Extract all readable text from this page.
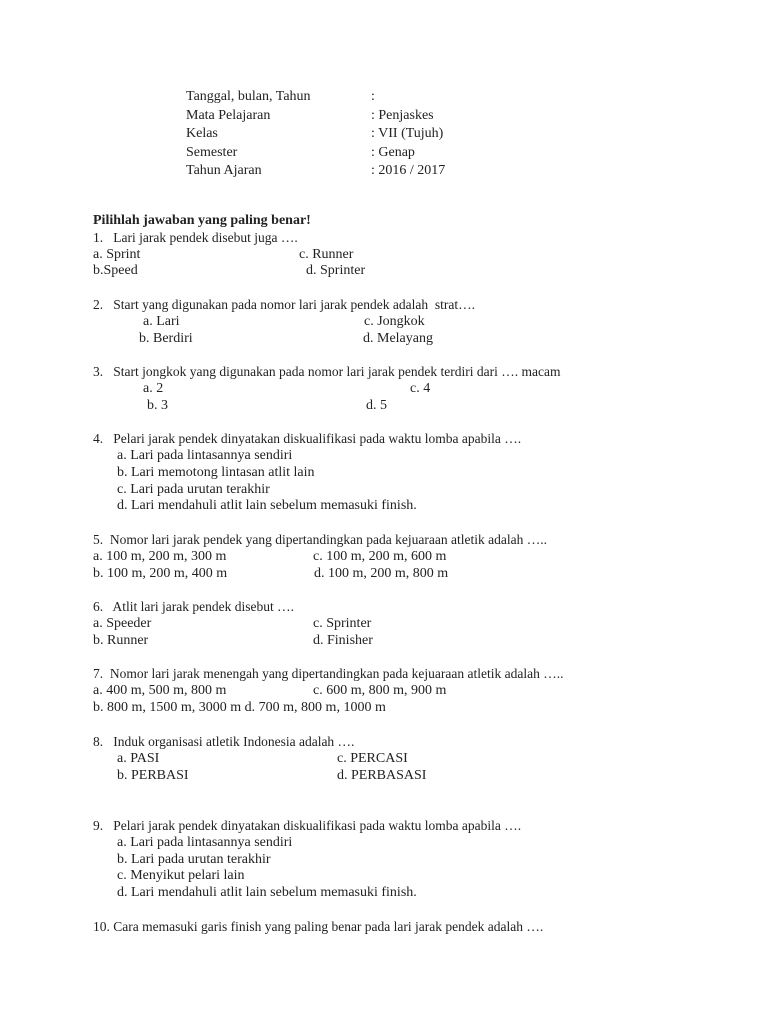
Tanggal, bulan, Tahun	:
Mata Pelajaran	: Penjaskes
Kelas	: VII (Tujuh)
Semester	: Genap
Tahun Ajaran	: 2016 / 2017
Pilihlah jawaban yang paling benar!
1.   Lari jarak pendek disebut juga ….
a. Sprint	c. Runner
b.Speed	d. Sprinter
2.   Start yang digunakan pada nomor lari jarak pendek adalah  strat….
a. Lari	c. Jongkok
b. Berdiri	d. Melayang
3.   Start jongkok yang digunakan pada nomor lari jarak pendek terdiri dari …. macam
a. 2	c. 4
b. 3	d. 5
4.   Pelari jarak pendek dinyatakan diskualifikasi pada waktu lomba apabila ….
a. Lari pada lintasannya sendiri
b. Lari memotong lintasan atlit lain
c. Lari pada urutan terakhir
d. Lari mendahuli atlit lain sebelum memasuki finish.
5.  Nomor lari jarak pendek yang dipertandingkan pada kejuaraan atletik adalah …..
a. 100 m, 200 m, 300 m	c. 100 m, 200 m, 600 m
b. 100 m, 200 m, 400 m	d. 100 m, 200 m, 800 m
6.   Atlit lari jarak pendek disebut ….
a. Speeder	c. Sprinter
b. Runner	d. Finisher
7.  Nomor lari jarak menengah yang dipertandingkan pada kejuaraan atletik adalah …..
a. 400 m, 500 m, 800 m	c. 600 m, 800 m, 900 m
b. 800 m, 1500 m, 3000 m d. 700 m, 800 m, 1000 m
8.   Induk organisasi atletik Indonesia adalah ….
a. PASI	c. PERCASI
b. PERBASI	d. PERBASASI
9.   Pelari jarak pendek dinyatakan diskualifikasi pada waktu lomba apabila ….
a. Lari pada lintasannya sendiri
b. Lari pada urutan terakhir
c. Menyikut pelari lain
d. Lari mendahuli atlit lain sebelum memasuki finish.
10. Cara memasuki garis finish yang paling benar pada lari jarak pendek adalah ….
